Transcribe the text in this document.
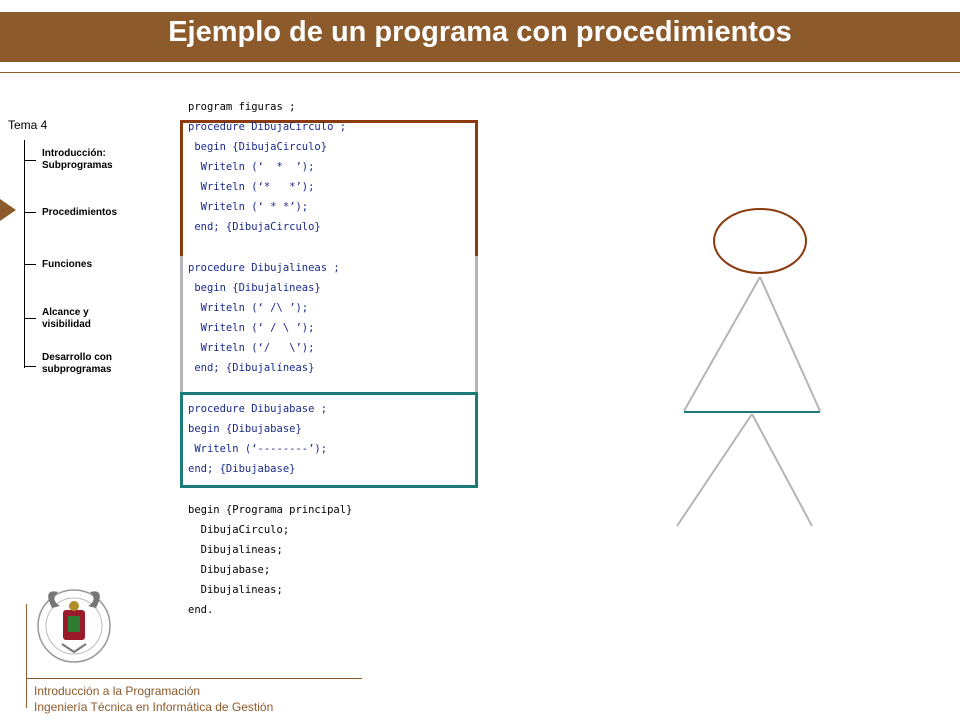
Ejemplo de un programa con procedimientos
Tema 4
Introducción: Subprogramas
Procedimientos
Funciones
Alcance y visibilidad
Desarrollo con subprogramas
program figuras ;
procedure DibujaCirculo ;
begin {DibujaCirculo}
Writeln (‘  *  ’);
Writeln (‘*   *’);
Writeln (‘ * *’);
end; {DibujaCirculo}
procedure Dibujalineas ;
begin {Dibujalineas}
Writeln (‘ /\ ’);
Writeln (‘ / \ ’);
Writeln (‘/   \’);
end; {Dibujalíneas}
procedure Dibujabase ;
begin {Dibujabase}
Writeln (‘--------’);
end; {Dibujabase}
begin {Programa principal}
DibujaCirculo;
Dibujalineas;
Dibujabase;
Dibujalineas;
end.
Introducción a la Programación
Ingeniería Técnica en Informática de Gestión
